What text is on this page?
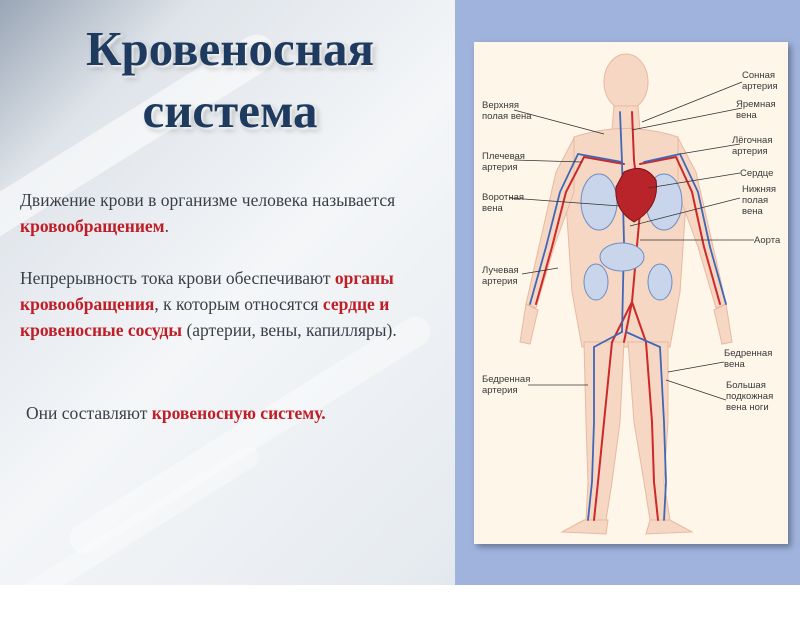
Кровеносная
система
Движение крови в организме человека называется кровообращением.
Непрерывность тока крови обеспечивают органы кровообращения, к которым относятся сердце и кровеносные сосуды (артерии, вены, капилляры).
Они составляют кровеносную систему.
Верхняя
полая вена
Плечевая
артерия
Воротная
вена
Лучевая
артерия
Бедренная
артерия
Сонная
артерия
Яремная
вена
Лёгочная
артерия
Сердце
Нижняя
полая
вена
Аорта
Бедренная
вена
Большая
подкожная
вена ноги
